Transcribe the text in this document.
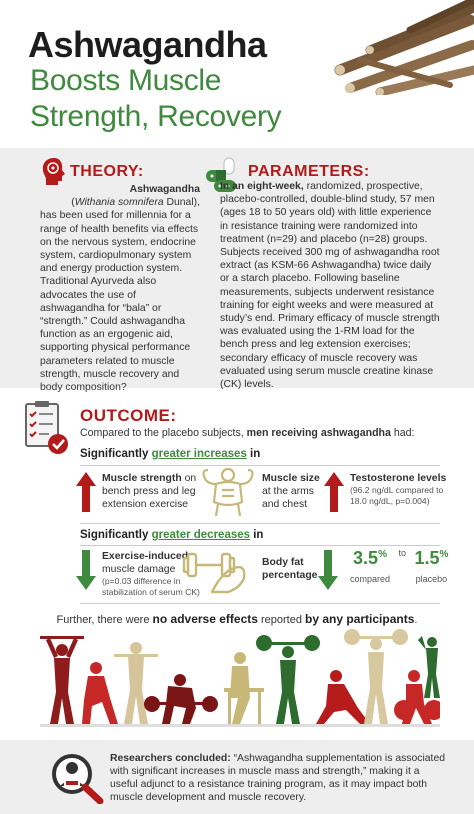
Ashwagandha
Boosts Muscle
Strength, Recovery
THEORY:
Ashwagandha
(Withania somnifera Dunal),
has been used for millennia for a range of health benefits via effects on the nervous system, endocrine system, cardiopulmonary system and energy production system. Traditional Ayurveda also advocates the use of ashwagandha for “bala” or “strength.” Could ashwagandha function as an ergogenic aid, supporting physical performance parameters related to muscle strength, muscle recovery and body composition?
PARAMETERS:
In an eight-week, randomized, prospective, placebo-controlled, double-blind study, 57 men (ages 18 to 50 years old) with little experience in resistance training were randomized into treatment (n=29) and placebo (n=28) groups. Subjects received 300 mg of ashwagandha root extract (as KSM-66 Ashwagandha) twice daily or a starch placebo. Following baseline measurements, subjects underwent resistance training for eight weeks and were measured at study’s end. Primary efficacy of muscle strength was evaluated using the 1-RM load for the bench press and leg extension exercises; secondary efficacy of muscle recovery was evaluated using serum muscle creatine kinase (CK) levels.
OUTCOME:
Compared to the placebo subjects, men receiving ashwagandha had:
Significantly greater increases in
Muscle strength on bench press and leg extension exercise
Muscle size at the arms and chest
Testosterone levels
(96.2 ng/dL compared to 18.0 ng/dL, p=0.004)
Significantly greater decreases in
Exercise-induced
muscle damage
(p=0.03 difference in stabilization of serum CK)
Body fat percentage
3.5%
compared $^{to}$ 1.5%
placebo
Further, there were no adverse effects reported by any participants.
Researchers concluded: “Ashwagandha supplementation is associated with significant increases in muscle mass and strength,” making it a useful adjunct to a resistance training program, as it may impact both muscle development and muscle recovery.
